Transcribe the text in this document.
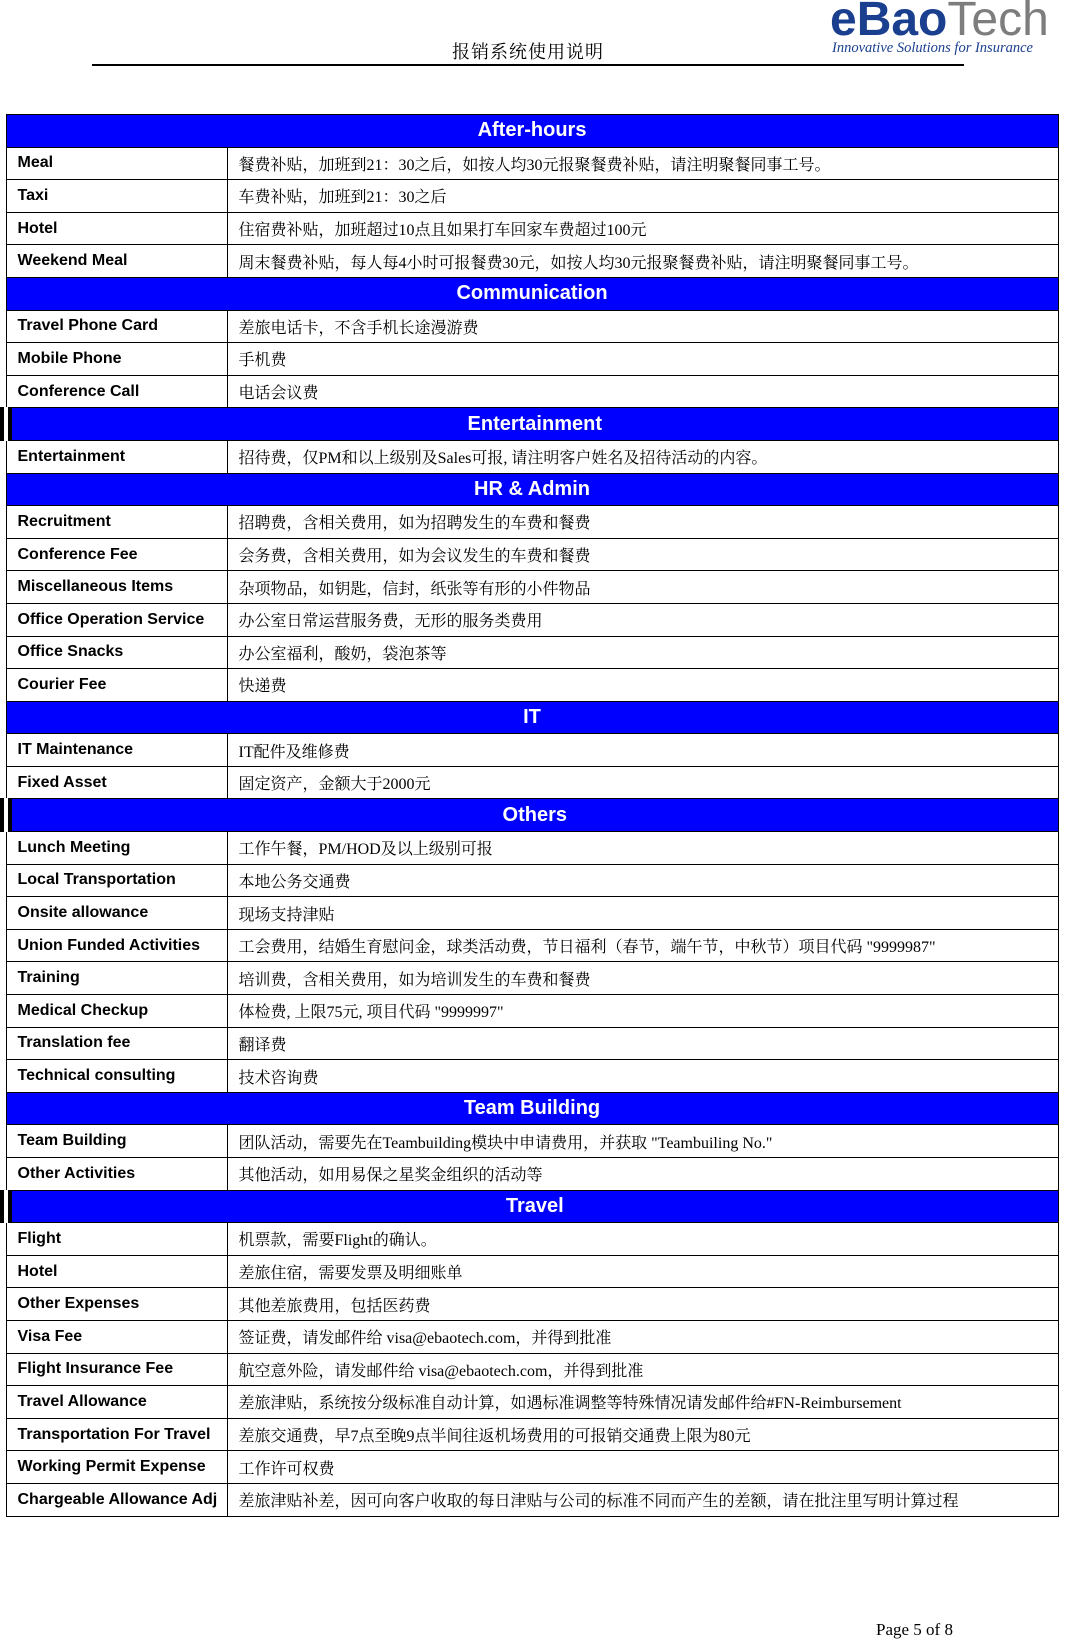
报销系统使用说明
eBaoTech
Innovative Solutions for Insurance
After-hours	
Meal	餐费补贴，加班到21：30之后，如按人均30元报聚餐费补贴，请注明聚餐同事工号。
Taxi	车费补贴，加班到21：30之后
Hotel	住宿费补贴，加班超过10点且如果打车回家车费超过100元
Weekend Meal	周末餐费补贴，每人每4小时可报餐费30元，如按人均30元报聚餐费补贴，请注明聚餐同事工号。
Communication	
Travel Phone Card	差旅电话卡，不含手机长途漫游费
Mobile Phone	手机费
Conference Call	电话会议费
Entertainment	
Entertainment	招待费，仅PM和以上级别及Sales可报, 请注明客户姓名及招待活动的内容。
HR & Admin	
Recruitment	招聘费，含相关费用，如为招聘发生的车费和餐费
Conference Fee	会务费，含相关费用，如为会议发生的车费和餐费
Miscellaneous Items	杂项物品，如钥匙，信封，纸张等有形的小件物品
Office Operation Service	办公室日常运营服务费，无形的服务类费用
Office Snacks	办公室福利，酸奶，袋泡茶等
Courier Fee	快递费
IT	
IT Maintenance	IT配件及维修费
Fixed Asset	固定资产，金额大于2000元
Others	
Lunch Meeting	工作午餐，PM/HOD及以上级别可报
Local Transportation	本地公务交通费
Onsite allowance	现场支持津贴
Union Funded Activities	工会费用，结婚生育慰问金，球类活动费，节日福利（春节，端午节，中秋节）项目代码 "9999987"
Training	培训费，含相关费用，如为培训发生的车费和餐费
Medical Checkup	体检费, 上限75元, 项目代码 "9999997"
Translation fee	翻译费
Technical consulting	技术咨询费
Team Building	
Team Building	团队活动，需要先在Teambuilding模块中申请费用，并获取 "Teambuiling No."
Other Activities	其他活动，如用易保之星奖金组织的活动等
Travel	
Flight	机票款，需要Flight的确认。
Hotel	差旅住宿，需要发票及明细账单
Other Expenses	其他差旅费用，包括医药费
Visa Fee	签证费，请发邮件给 visa@ebaotech.com，并得到批准
Flight Insurance Fee	航空意外险，请发邮件给 visa@ebaotech.com，并得到批准
Travel Allowance	差旅津贴，系统按分级标准自动计算，如遇标准调整等特殊情况请发邮件给#FN-Reimbursement
Transportation For Travel	差旅交通费，早7点至晚9点半间往返机场费用的可报销交通费上限为80元
Working Permit Expense	工作许可权费
Chargeable Allowance Adj	差旅津贴补差，因可向客户收取的每日津贴与公司的标准不同而产生的差额，请在批注里写明计算过程
Page 5 of 8
